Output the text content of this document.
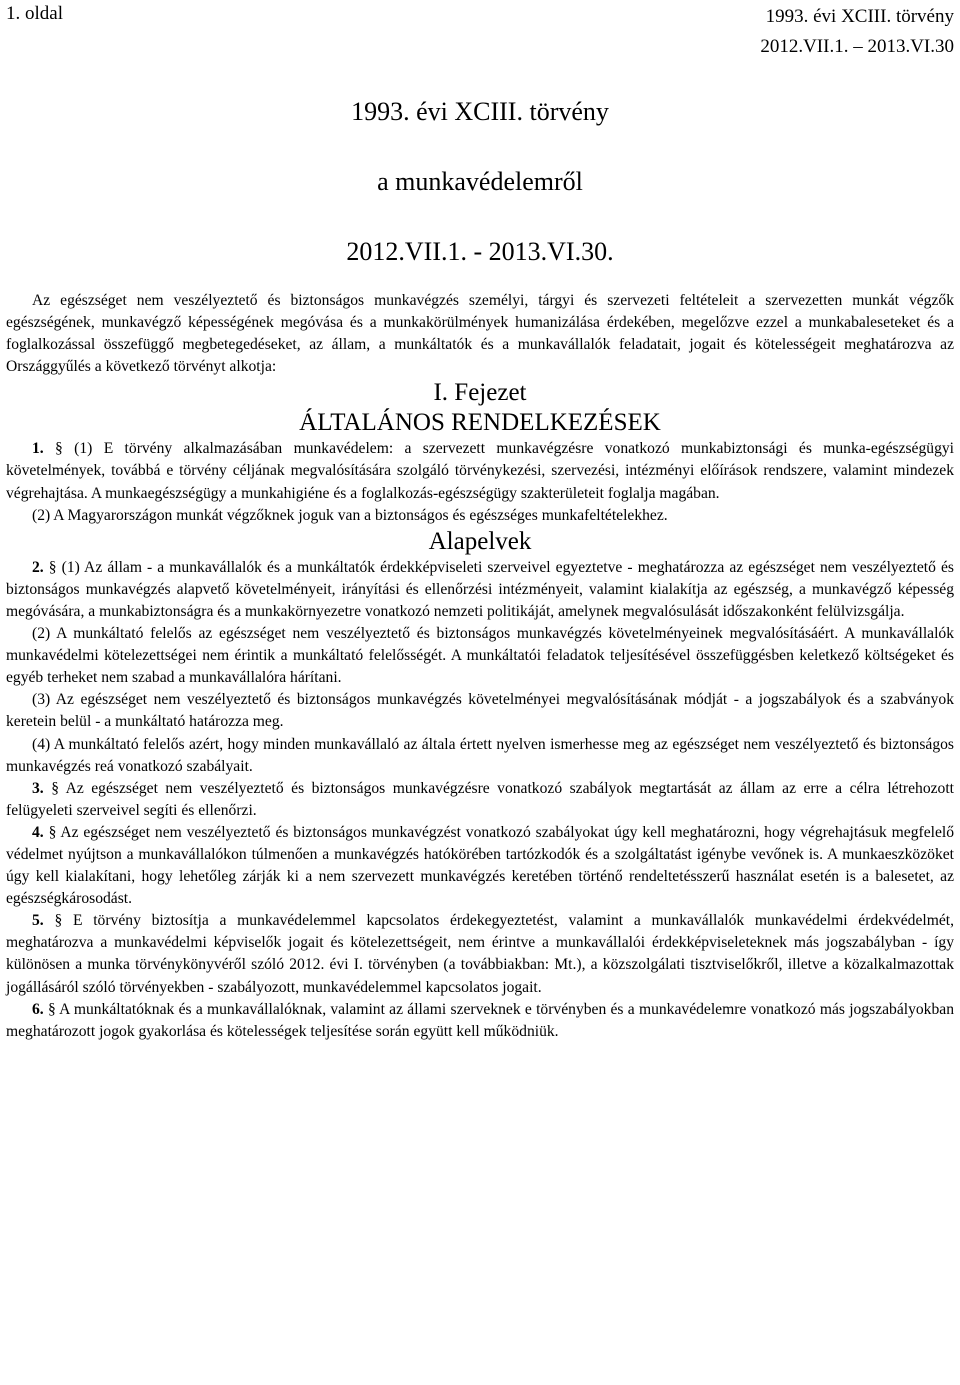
1. oldal	1993. évi XCIII. törvény
2012.VII.1. – 2013.VI.30
1993. évi XCIII. törvény
a munkavédelemről
2012.VII.1. - 2013.VI.30.

Az egészséget nem veszélyeztető és biztonságos munkavégzés személyi, tárgyi és szervezeti feltételeit a szervezetten munkát végzők egészségének, munkavégző képességének megóvása és a munkakörülmények humanizálása érdekében, megelőzve ezzel a munkabaleseteket és a foglalkozással összefüggő megbetegedéseket, az állam, a munkáltatók és a munkavállalók feladatait, jogait és kötelességeit meghatározva az Országgyűlés a következő törvényt alkotja:

I. Fejezet

ÁLTALÁNOS RENDELKEZÉSEK

1. § (1) E törvény alkalmazásában munkavédelem: a szervezett munkavégzésre vonatkozó munkabiztonsági és munka-egészségügyi követelmények, továbbá e törvény céljának megvalósítására szolgáló törvénykezési, szervezési, intézményi előírások rendszere, valamint mindezek végrehajtása. A munkaegészségügy a munkahigiéne és a foglalkozás-egészségügy szakterületeit foglalja magában.

(2) A Magyarországon munkát végzőknek joguk van a biztonságos és egészséges munkafeltételekhez.

Alapelvek

2. § (1) Az állam - a munkavállalók és a munkáltatók érdekképviseleti szerveivel egyeztetve - meghatározza az egészséget nem veszélyeztető és biztonságos munkavégzés alapvető követelményeit, irányítási és ellenőrzési intézményeit, valamint kialakítja az egészség, a munkavégző képesség megóvására, a munkabiztonságra és a munkakörnyezetre vonatkozó nemzeti politikáját, amelynek megvalósulását időszakonként felülvizsgálja.

(2) A munkáltató felelős az egészséget nem veszélyeztető és biztonságos munkavégzés követelményeinek megvalósításáért. A munkavállalók munkavédelmi kötelezettségei nem érintik a munkáltató felelősségét. A munkáltatói feladatok teljesítésével összefüggésben keletkező költségeket és egyéb terheket nem szabad a munkavállalóra hárítani.

(3) Az egészséget nem veszélyeztető és biztonságos munkavégzés követelményei megvalósításának módját - a jogszabályok és a szabványok keretein belül - a munkáltató határozza meg.

(4) A munkáltató felelős azért, hogy minden munkavállaló az általa értett nyelven ismerhesse meg az egészséget nem veszélyeztető és biztonságos munkavégzés reá vonatkozó szabályait.

3. § Az egészséget nem veszélyeztető és biztonságos munkavégzésre vonatkozó szabályok megtartását az állam az erre a célra létrehozott felügyeleti szerveivel segíti és ellenőrzi.

4. § Az egészséget nem veszélyeztető és biztonságos munkavégzést vonatkozó szabályokat úgy kell meghatározni, hogy végrehajtásuk megfelelő védelmet nyújtson a munkavállalókon túlmenően a munkavégzés hatókörében tartózkodók és a szolgáltatást igénybe vevőnek is. A munkaeszközöket úgy kell kialakítani, hogy lehetőleg zárják ki a nem szervezett munkavégzés keretében történő rendeltetésszerű használat esetén is a balesetet, az egészségkárosodást.

5. § E törvény biztosítja a munkavédelemmel kapcsolatos érdekegyeztetést, valamint a munkavállalók munkavédelmi érdekvédelmét, meghatározva a munkavédelmi képviselők jogait és kötelezettségeit, nem érintve a munkavállalói érdekképviseleteknek más jogszabályban - így különösen a munka törvénykönyvéről szóló 2012. évi I. törvényben (a továbbiakban: Mt.), a közszolgálati tisztviselőkről, illetve a közalkalmazottak jogállásáról szóló törvényekben - szabályozott, munkavédelemmel kapcsolatos jogait.

6. § A munkáltatóknak és a munkavállalóknak, valamint az állami szerveknek e törvényben és a munkavédelemre vonatkozó más jogszabályokban meghatározott jogok gyakorlása és kötelességek teljesítése során együtt kell működniük.
